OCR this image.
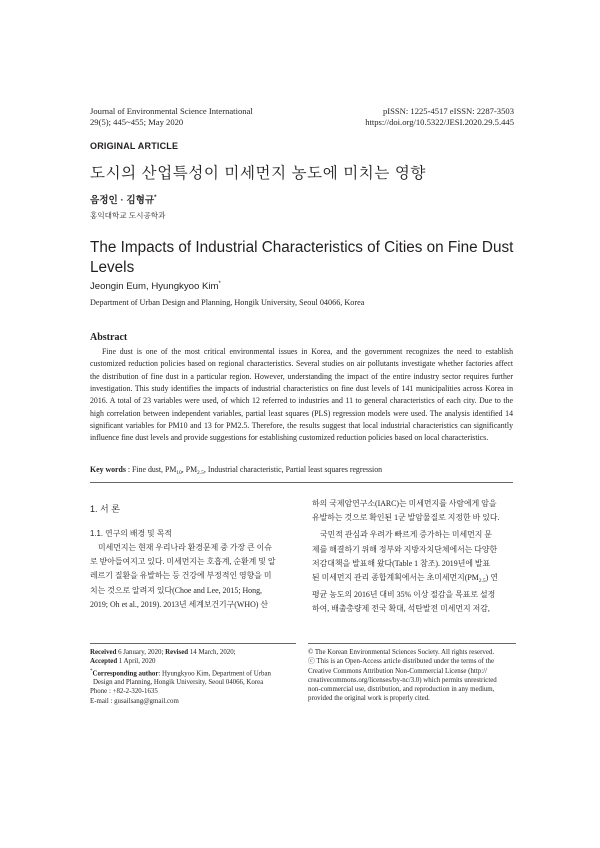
Journal of Environmental Science International
29(5); 445~455; May 2020
pISSN: 1225-4517 eISSN: 2287-3503
https://doi.org/10.5322/JESI.2020.29.5.445
ORIGINAL ARTICLE
도시의 산업특성이 미세먼지 농도에 미치는 영향
음정인 · 김형규*
홍익대학교 도시공학과
The Impacts of Industrial Characteristics of Cities on Fine Dust
Levels
Jeongin Eum, Hyungkyoo Kim*
Department of Urban Design and Planning, Hongik University, Seoul 04066, Korea
Abstract

Fine dust is one of the most critical environmental issues in Korea, and the government recognizes the need to establish customized reduction policies based on regional characteristics. Several studies on air pollutants investigate whether factories affect the distribution of fine dust in a particular region. However, understanding the impact of the entire industry sector requires further investigation. This study identifies the impacts of industrial characteristics on fine dust levels of 141 municipalities across Korea in 2016. A total of 23 variables were used, of which 12 referred to industries and 11 to general characteristics of each city. Due to the high correlation between independent variables, partial least squares (PLS) regression models were used. The analysis identified 14 significant variables for PM10 and 13 for PM2.5. Therefore, the results suggest that local industrial characteristics can significantly influence fine dust levels and provide suggestions for establishing customized reduction policies based on local characteristics.

Key words : Fine dust, $PM_{10}$, $PM_{2.5}$, Industrial characteristic, Partial least squares regression
1. 서 론
1.1. 연구의 배경 및 목적
미세먼지는 현재 우리나라 환경문제 중 가장 큰 이슈
로 받아들여지고 있다. 미세먼지는 호흡계, 순환계 및 알
레르기 질환을 유발하는 등 건강에 부정적인 영향을 미
치는 것으로 알려져 있다(Choe and Lee, 2015; Hong,
2019; Oh et al., 2019). 2013년 세계보건기구(WHO) 산
하의 국제암연구소(IARC)는 미세먼지를 사람에게 암을
유발하는 것으로 확인된 1군 발암물질로 지정한 바 있다.
국민적 관심과 우려가 빠르게 증가하는 미세먼지 문
제를 해결하기 위해 정부와 지방자치단체에서는 다양한
저감대책을 발표해 왔다(Table 1 참조). 2019년에 발표
된 미세먼지 관리 종합계획에서는 초미세먼지$(PM_{2.5})$ 연
평균 농도의 2016년 대비 35% 이상 절감을 목표로 설정
하여, 배출총량제 전국 확대, 석탄발전 미세먼지 저감,
Received 6 January, 2020; Revised 14 March, 2020;
Accepted 1 April, 2020
*Corresponding author: Hyungkyoo Kim, Department of Urban
Design and Planning, Hongik University, Seoul 04066, Korea
Phone : +82-2-320-1635
E-mail : gusailsang@gmail.com
© The Korean Environmental Sciences Society. All rights reserved.
ⓒ This is an Open-Access article distributed under the terms of the
Creative Commons Attribution Non-Commercial License (http://
creativecommons.org/licenses/by-nc/3.0) which permits unrestricted
non-commercial use, distribution, and reproduction in any medium,
provided the original work is properly cited.
